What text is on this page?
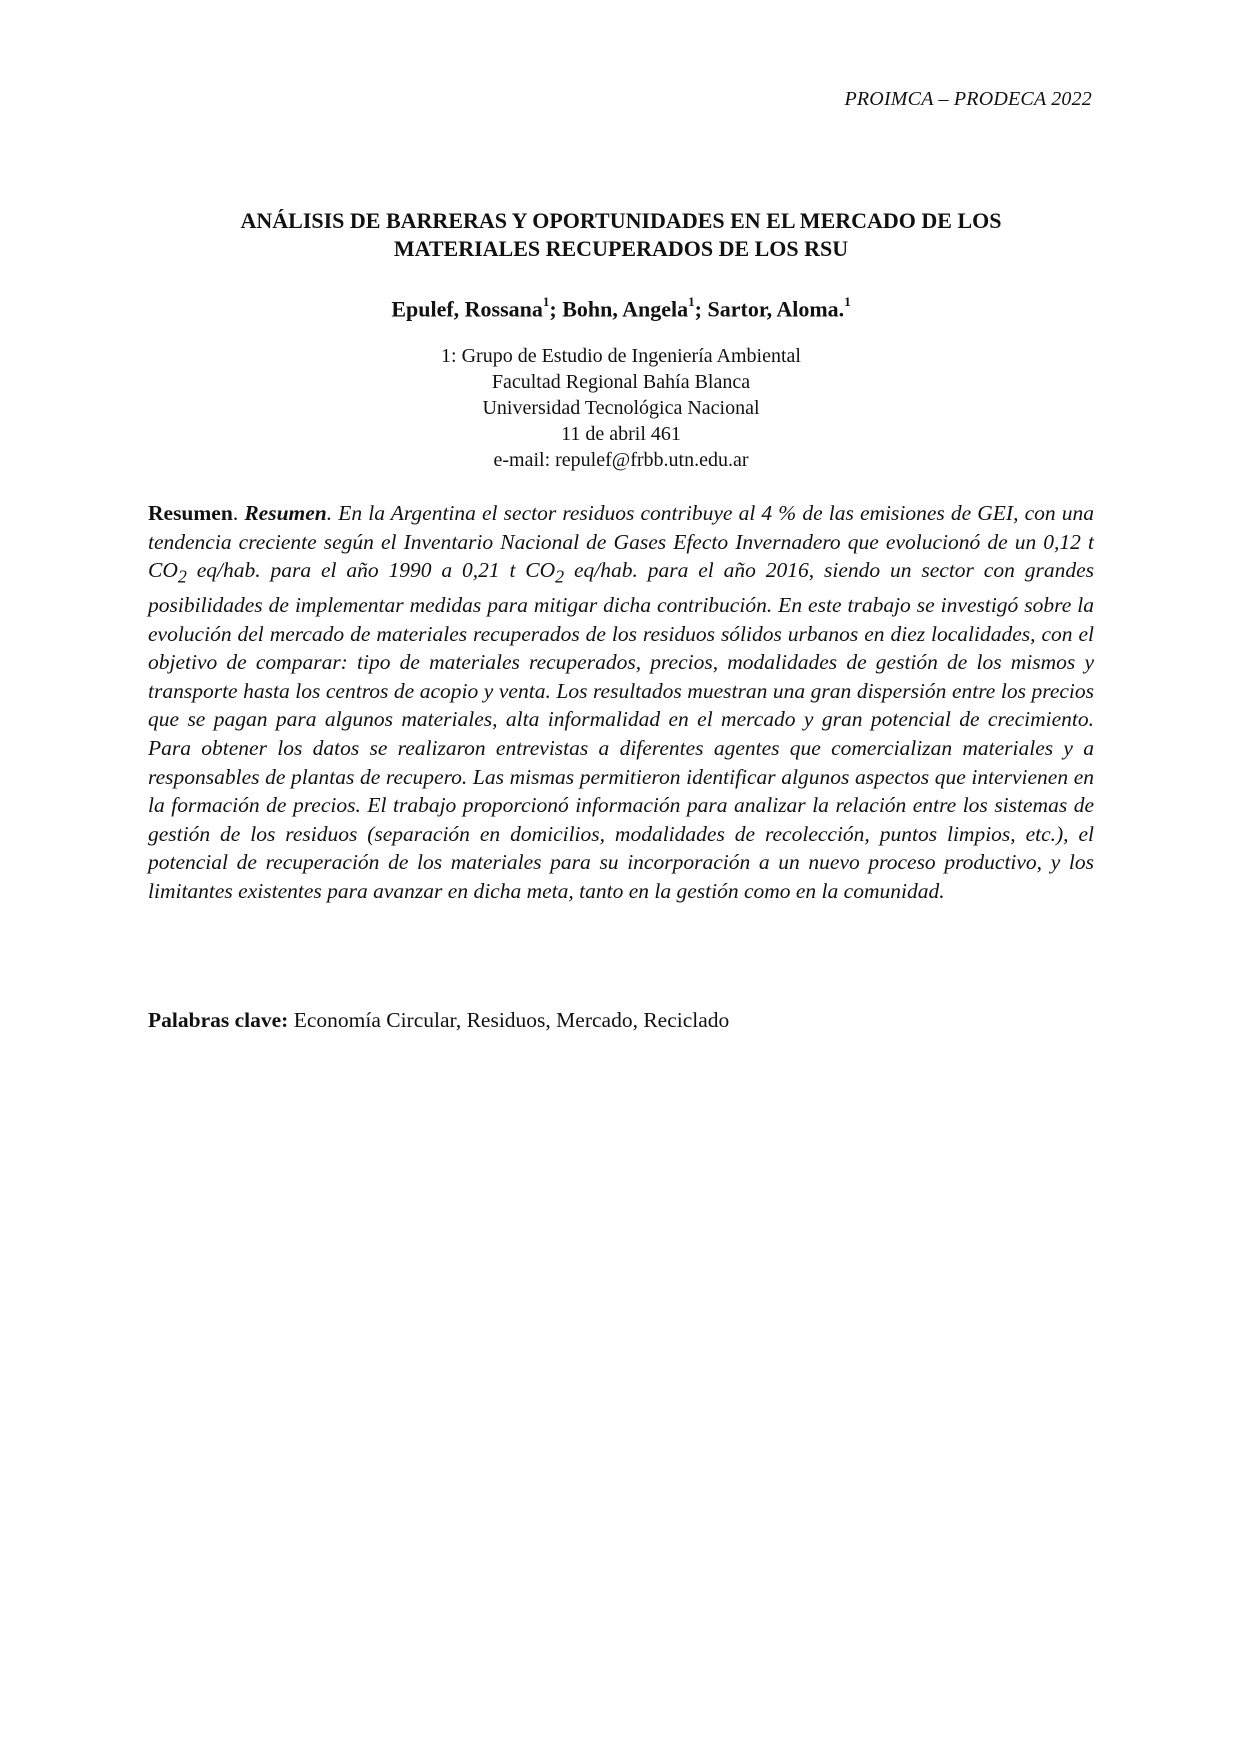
PROIMCA – PRODECA 2022
ANÁLISIS DE BARRERAS Y OPORTUNIDADES EN EL MERCADO DE LOS
MATERIALES RECUPERADOS DE LOS RSU
Epulef, Rossana$^1$; Bohn, Angela$^1$; Sartor, Aloma.$^1$
1: Grupo de Estudio de Ingeniería Ambiental
Facultad Regional Bahía Blanca
Universidad Tecnológica Nacional
11 de abril 461
e-mail: repulef@frbb.utn.edu.ar
Resumen. Resumen. En la Argentina el sector residuos contribuye al 4 % de las emisiones de GEI, con una tendencia creciente según el Inventario Nacional de Gases Efecto Invernadero que evolucionó de un 0,12 t $CO_2$ eq/hab. para el año 1990 a 0,21 t $CO_2$ eq/hab. para el año 2016, siendo un sector con grandes posibilidades de implementar medidas para mitigar dicha contribución. En este trabajo se investigó sobre la evolución del mercado de materiales recuperados de los residuos sólidos urbanos en diez localidades, con el objetivo de comparar: tipo de materiales recuperados, precios, modalidades de gestión de los mismos y transporte hasta los centros de acopio y venta. Los resultados muestran una gran dispersión entre los precios que se pagan para algunos materiales, alta informalidad en el mercado y gran potencial de crecimiento. Para obtener los datos se realizaron entrevistas a diferentes agentes que comercializan materiales y a responsables de plantas de recupero. Las mismas permitieron identificar algunos aspectos que intervienen en la formación de precios. El trabajo proporcionó información para analizar la relación entre los sistemas de gestión de los residuos (separación en domicilios, modalidades de recolección, puntos limpios, etc.), el potencial de recuperación de los materiales para su incorporación a un nuevo proceso productivo, y los limitantes existentes para avanzar en dicha meta, tanto en la gestión como en la comunidad.
Palabras clave: Economía Circular, Residuos, Mercado, Reciclado
